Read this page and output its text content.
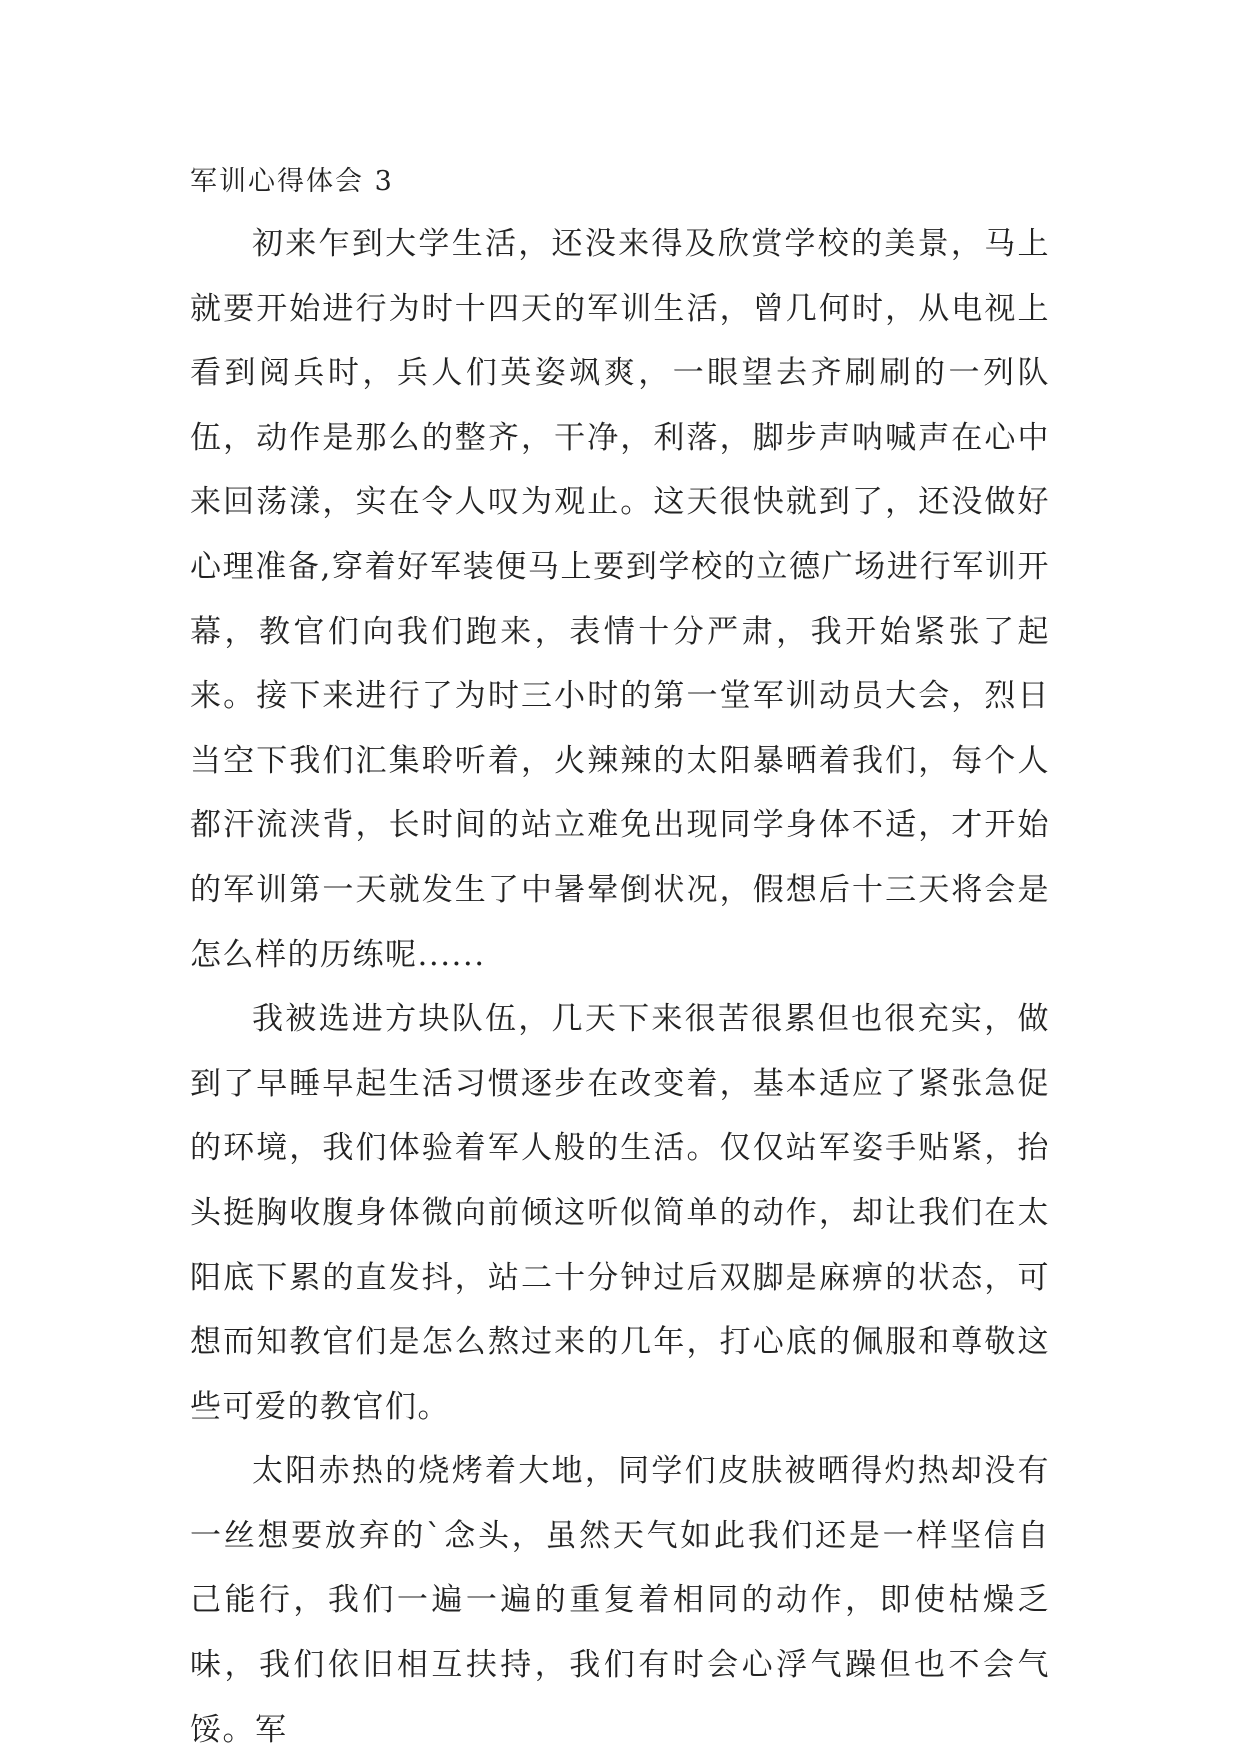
军训心得体会 3

初来乍到大学生活，还没来得及欣赏学校的美景，马上就要开始进行为时十四天的军训生活，曾几何时，从电视上看到阅兵时，兵人们英姿飒爽，一眼望去齐刷刷的一列队伍，动作是那么的整齐，干净，利落，脚步声呐喊声在心中来回荡漾，实在令人叹为观止。这天很快就到了，还没做好心理准备,穿着好军装便马上要到学校的立德广场进行军训开幕，教官们向我们跑来，表情十分严肃，我开始紧张了起来。接下来进行了为时三小时的第一堂军训动员大会，烈日当空下我们汇集聆听着，火辣辣的太阳暴晒着我们，每个人都汗流浃背，长时间的站立难免出现同学身体不适，才开始的军训第一天就发生了中暑晕倒状况，假想后十三天将会是怎么样的历练呢......

我被选进方块队伍，几天下来很苦很累但也很充实，做到了早睡早起生活习惯逐步在改变着，基本适应了紧张急促的环境，我们体验着军人般的生活。仅仅站军姿手贴紧，抬头挺胸收腹身体微向前倾这听似简单的动作，却让我们在太阳底下累的直发抖，站二十分钟过后双脚是麻痹的状态，可想而知教官们是怎么熬过来的几年，打心底的佩服和尊敬这些可爱的教官们。

太阳赤热的烧烤着大地，同学们皮肤被晒得灼热却没有一丝想要放弃的`念头，虽然天气如此我们还是一样坚信自己能行，我们一遍一遍的重复着相同的动作，即使枯燥乏味，我们依旧相互扶持，我们有时会心浮气躁但也不会气馁。军
